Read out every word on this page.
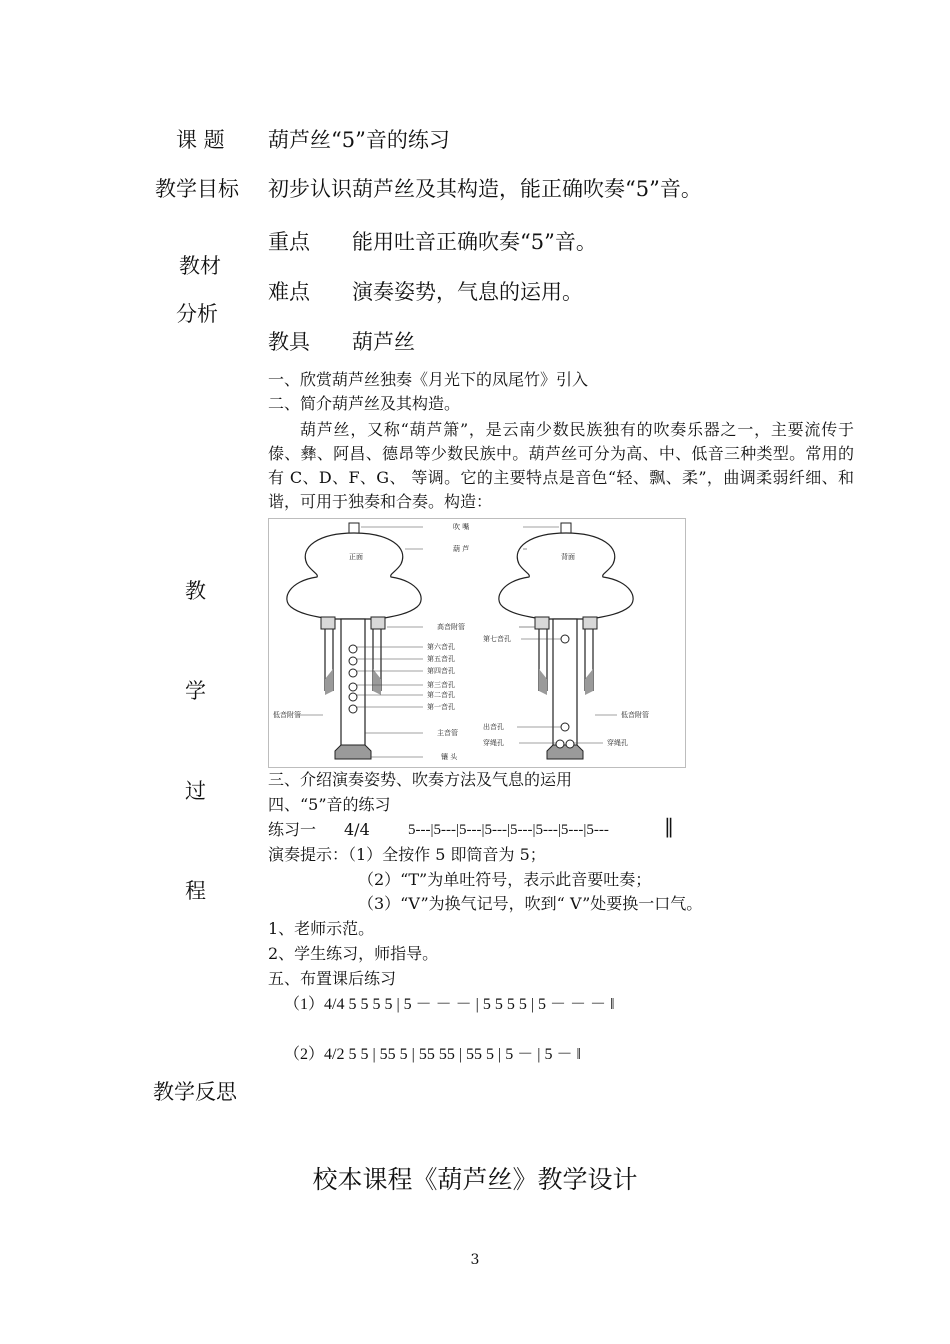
课 题 葫芦丝“5”音的练习
教学目标 初步认识葫芦丝及其构造，能正确吹奏“5”音。
教材
分析
重点 能用吐音正确吹奏“5”音。
难点 演奏姿势，气息的运用。
教具 葫芦丝
教
学
过
程
一、欣赏葫芦丝独奏《月光下的凤尾竹》引入
二、简介葫芦丝及其构造。
葫芦丝，又称“葫芦箫”，是云南少数民族独有的吹奏乐器之一，主要流传于傣、彝、阿昌、德昂等少数民族中。葫芦丝可分为高、中、低音三种类型。常用的有 C、D、F、G、 等调。它的主要特点是音色“轻、飘、柔”，曲调柔弱纤细、和谐，可用于独奏和合奏。构造：
正面	背面
吹 嘴
葫 芦
高音附管
第七音孔
第六音孔
第五音孔
第四音孔
第三音孔
第二音孔
第一音孔
出音孔
主音管
穿绳孔	穿绳孔
镶 头
低音附管	低音附管
三、介绍演奏姿势、吹奏方法及气息的运用
四、“5”音的练习
练习一 4/4	5---|5---|5---|5---|5---|5---|5---|5---	‖
演奏提示：（1）全按作 5 即筒音为 5；
（2）“T”为单吐符号，表示此音要吐奏；
（3）“V”为换气记号，吹到“ V”处要换一口气。
1、老师示范。
2、学生练习，师指导。
五、布置课后练习
（1）4/4 5 5 5 5 | 5 － － － | 5 5 5 5 | 5 － － － ‖
（2）4/2 5 5 | 55 5 | 55 55 | 55 5 | 5 － | 5 － ‖
教学反思
校本课程《葫芦丝》教学设计
3
